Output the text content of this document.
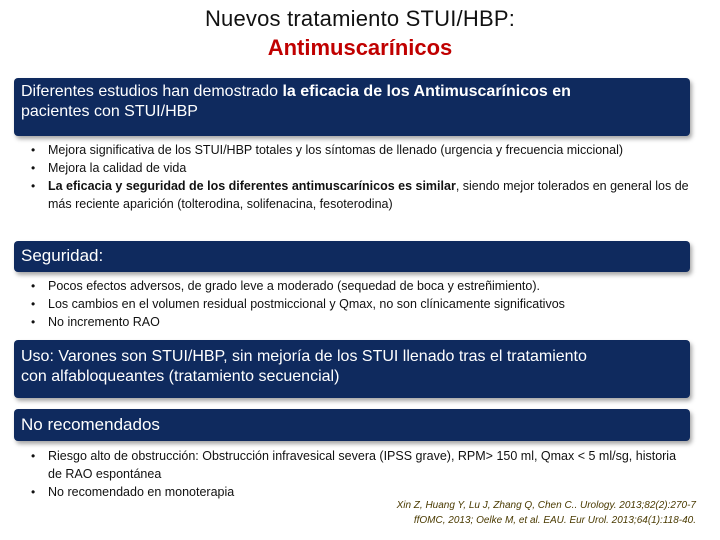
Nuevos tratamiento STUI/HBP:
Antimuscarínicos
Diferentes estudios han demostrado la eficacia de los Antimuscarínicos en
pacientes con STUI/HBP
• Mejora significativa de los STUI/HBP totales y los síntomas de llenado (urgencia y frecuencia miccional)
• Mejora la calidad de vida
• La eficacia y seguridad de los diferentes antimuscarínicos es similar, siendo mejor tolerados en general los de más reciente aparición (tolterodina, solifenacina, fesoterodina)
Seguridad:
• Pocos efectos adversos, de grado leve a moderado (sequedad de boca y estreñimiento).
• Los cambios en el volumen residual postmiccional y Qmax, no son clínicamente significativos
• No incremento RAO
Uso: Varones son STUI/HBP, sin mejoría de los STUI llenado tras el tratamiento
con alfabloqueantes (tratamiento secuencial)
No recomendados
• Riesgo alto de obstrucción: Obstrucción infravesical severa (IPSS grave), RPM> 150 ml, Qmax < 5 ml/sg, historia de RAO espontánea
• No recomendado en monoterapia
Xin Z, Huang Y, Lu J, Zhang Q, Chen C.. Urology. 2013;82(2):270-7
ffOMC, 2013; Oelke M, et al. EAU. Eur Urol. 2013;64(1):118-40.
